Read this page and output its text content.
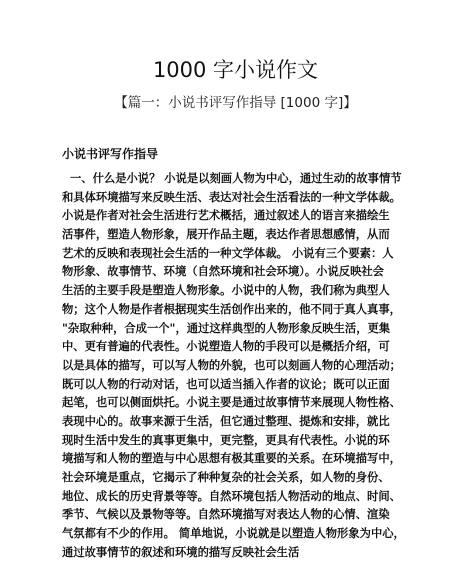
1000 字小说作文

【篇一：小说书评写作指导 [1000 字]】

小说书评写作指导

一、什么是小说？ 小说是以刻画人物为中心，通过生动的故事情节
和具体环境描写来反映生活、表达对社会生活看法的一种文学体裁。
小说是作者对社会生活进行艺术概括，通过叙述人的语言来描绘生
活事件，塑造人物形象，展开作品主题，表达作者思想感情，从而
艺术的反映和表现社会生活的一种文学体裁。 小说有三个要素：人
物形象、故事情节、环境（自然环境和社会环境）。小说反映社会
生活的主要手段是塑造人物形象。小说中的人物，我们称为典型人
物；这个人物是作者根据现实生活创作出来的，他不同于真人真事，
"杂取种种，合成一个"，通过这样典型的人物形象反映生活，更集
中、更有普遍的代表性。小说塑造人物的手段可以是概括介绍，可
以是具体的描写，可以写人物的外貌，也可以刻画人物的心理活动；
既可以人物的行动对话，也可以适当插入作者的议论；既可以正面
起笔，也可以侧面烘托。小说主要是通过故事情节来展现人物性格、
表现中心的。故事来源于生活，但它通过整理、提炼和安排，就比
现时生活中发生的真事更集中，更完整，更具有代表性。小说的环
境描写和人物的塑造与中心思想有极其重要的关系。在环境描写中，
社会环境是重点，它揭示了种种复杂的社会关系，如人物的身份、
地位、成长的历史背景等等。自然环境包括人物活动的地点、时间、
季节、气候以及景物等等。自然环境描写对表达人物的心情、渲染
气氛都有不少的作用。 简单地说，小说就是以塑造人物形象为中心，
通过故事情节的叙述和环境的描写反映社会生活
